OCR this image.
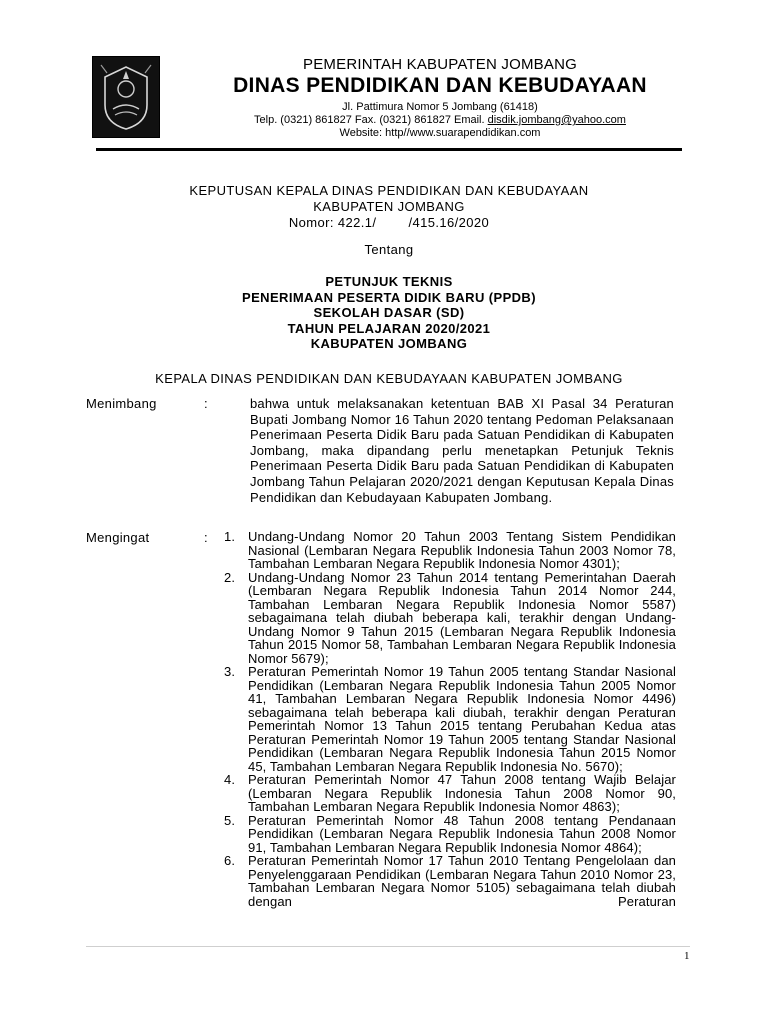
PEMERINTAH KABUPATEN JOMBANG
DINAS PENDIDIKAN DAN KEBUDAYAAN
Jl. Pattimura Nomor 5 Jombang (61418)
Telp. (0321) 861827 Fax. (0321) 861827 Email. disdik.jombang@yahoo.com
Website: http//www.suarapendidikan.com
KEPUTUSAN KEPALA DINAS PENDIDIKAN DAN KEBUDAYAAN
KABUPATEN JOMBANG
Nomor: 422.1/        /415.16/2020
Tentang
PETUNJUK TEKNIS
PENERIMAAN PESERTA DIDIK BARU (PPDB)
SEKOLAH DASAR (SD)
TAHUN PELAJARAN 2020/2021
KABUPATEN JOMBANG
KEPALA DINAS PENDIDIKAN DAN KEBUDAYAAN KABUPATEN JOMBANG
Menimbang	:	bahwa untuk melaksanakan ketentuan BAB XI Pasal 34 Peraturan Bupati Jombang Nomor 16 Tahun 2020 tentang Pedoman Pelaksanaan Penerimaan Peserta Didik Baru pada Satuan Pendidikan di Kabupaten Jombang, maka dipandang perlu menetapkan Petunjuk Teknis Penerimaan Peserta Didik Baru pada Satuan Pendidikan di Kabupaten Jombang Tahun Pelajaran 2020/2021 dengan Keputusan Kepala Dinas Pendidikan dan Kebudayaan Kabupaten Jombang.
Mengingat	: 1. Undang-Undang Nomor 20 Tahun 2003 Tentang Sistem Pendidikan Nasional (Lembaran Negara Republik Indonesia Tahun 2003 Nomor 78, Tambahan Lembaran Negara Republik Indonesia Nomor 4301);
2. Undang-Undang Nomor 23 Tahun 2014 tentang Pemerintahan Daerah (Lembaran Negara Republik Indonesia Tahun 2014 Nomor 244, Tambahan Lembaran Negara Republik Indonesia Nomor 5587) sebagaimana telah diubah beberapa kali, terakhir dengan Undang-Undang Nomor 9 Tahun 2015 (Lembaran Negara Republik Indonesia Tahun 2015 Nomor 58, Tambahan Lembaran Negara Republik Indonesia Nomor 5679);
3. Peraturan Pemerintah Nomor 19 Tahun 2005 tentang Standar Nasional Pendidikan (Lembaran Negara Republik Indonesia Tahun 2005 Nomor 41, Tambahan Lembaran Negara Republik Indonesia Nomor 4496) sebagaimana telah beberapa kali diubah, terakhir dengan Peraturan Pemerintah Nomor 13 Tahun 2015 tentang Perubahan Kedua atas Peraturan Pemerintah Nomor 19 Tahun 2005 tentang Standar Nasional Pendidikan (Lembaran Negara Republik Indonesia Tahun 2015 Nomor 45, Tambahan Lembaran Negara Republik Indonesia No. 5670);
4. Peraturan Pemerintah Nomor 47 Tahun 2008 tentang Wajib Belajar (Lembaran Negara Republik Indonesia Tahun 2008 Nomor 90, Tambahan Lembaran Negara Republik Indonesia Nomor 4863);
5. Peraturan Pemerintah Nomor 48 Tahun 2008 tentang Pendanaan Pendidikan (Lembaran Negara Republik Indonesia Tahun 2008 Nomor 91, Tambahan Lembaran Negara Republik Indonesia Nomor 4864);
6. Peraturan Pemerintah Nomor 17 Tahun 2010 Tentang Pengelolaan dan Penyelenggaraan Pendidikan (Lembaran Negara Tahun 2010 Nomor 23, Tambahan Lembaran Negara Nomor 5105) sebagaimana telah diubah dengan Peraturan
1
